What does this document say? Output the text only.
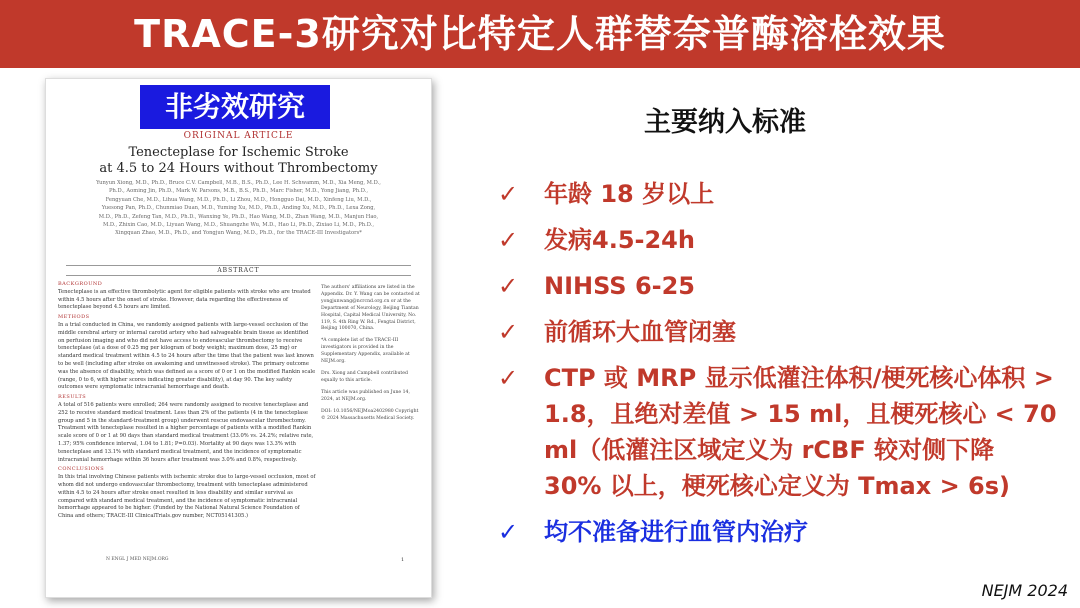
TRACE-3研究对比特定人群替奈普酶溶栓效果
ORIGINAL ARTICLE
Tenecteplase for Ischemic Stroke
at 4.5 to 24 Hours without Thrombectomy
Yunyun Xiong, M.D., Ph.D., Bruce C.V. Campbell, M.B., B.S., Ph.D., Lee H. Schwamm, M.D., Xia Meng, M.D., Ph.D., Aoming Jin, Ph.D., Mark W. Parsons, M.B., B.S., Ph.D., Marc Fisher, M.D., Yong Jiang, Ph.D., Fengyuan Che, M.D., Lihua Wang, M.D., Ph.D., Li Zhou, M.D., Hongguo Dai, M.D., Xinfeng Liu, M.D., Yuesong Pan, Ph.D., Chunmiao Duan, M.D., Yuming Xu, M.D., Ph.D., Anding Xu, M.D., Ph.D., Lexa Zong, M.D., Ph.D., Zefeng Tan, M.D., Ph.D., Wanxing Ye, Ph.D., Hao Wang, M.D., Zhan Wang, M.D., Manjun Hao, M.D., Zhixin Cao, M.D., Liyuan Wang, M.D., Shuangzhe Wu, M.D., Hao Li, Ph.D., Zixiao Li, M.D., Ph.D., Xingquan Zhao, M.D., Ph.D., and Yongjun Wang, M.D., Ph.D., for the TRACE-III Investigators*
ABSTRACT
BACKGROUND
Tenecteplase is an effective thrombolytic agent for eligible patients with stroke who are treated within 4.5 hours after the onset of stroke. However, data regarding the effectiveness of tenecteplase beyond 4.5 hours are limited.
METHODS
In a trial conducted in China, we randomly assigned patients with large-vessel occlusion of the middle cerebral artery or internal carotid artery who had salvageable brain tissue as identified on perfusion imaging and who did not have access to endovascular thrombectomy to receive tenecteplase (at a dose of 0.25 mg per kilogram of body weight; maximum dose, 25 mg) or standard medical treatment within 4.5 to 24 hours after the time that the patient was last known to be well (including after stroke on awakening and unwitnessed stroke). The primary outcome was the absence of disability, which was defined as a score of 0 or 1 on the modified Rankin scale (range, 0 to 6, with higher scores indicating greater disability), at day 90. The key safety outcomes were symptomatic intracranial hemorrhage and death.
RESULTS
A total of 516 patients were enrolled; 264 were randomly assigned to receive tenecteplase and 252 to receive standard medical treatment. Less than 2% of the patients (4 in the tenecteplase group and 5 in the standard-treatment group) underwent rescue endovascular thrombectomy. Treatment with tenecteplase resulted in a higher percentage of patients with a modified Rankin scale score of 0 or 1 at 90 days than standard medical treatment (33.0% vs. 24.2%; relative rate, 1.37; 95% confidence interval, 1.04 to 1.81; P=0.03). Mortality at 90 days was 13.3% with tenecteplase and 13.1% with standard medical treatment, and the incidence of symptomatic intracranial hemorrhage within 36 hours after treatment was 3.0% and 0.8%, respectively.
CONCLUSIONS
In this trial involving Chinese patients with ischemic stroke due to large-vessel occlusion, most of whom did not undergo endovascular thrombectomy, treatment with tenecteplase administered within 4.5 to 24 hours after stroke onset resulted in less disability and similar survival as compared with standard medical treatment, and the incidence of symptomatic intracranial hemorrhage appeared to be higher. (Funded by the National Natural Science Foundation of China and others; TRACE-III ClinicalTrials.gov number, NCT05141305.)

The authors' affiliations are listed in the Appendix. Dr. Y. Wang can be contacted at yongjunwang@ncrcnd.org.cn or at the Department of Neurology, Beijing Tiantan Hospital, Capital Medical University, No. 119, S. 4th Ring W. Rd., Fengtai District, Beijing 100070, China.

*A complete list of the TRACE-III investigators is provided in the Supplementary Appendix, available at NEJM.org.

Drs. Xiong and Campbell contributed equally to this article.

This article was published on June 14, 2024, at NEJM.org.

DOI: 10.1056/NEJMoa2402980 Copyright © 2024 Massachusetts Medical Society.

N ENGL J MED NEJM.ORG	1
非劣效研究	主要纳入标准
✓	年龄 18 岁以上
✓	发病4.5-24h
✓	NIHSS 6-25
✓	前循环大血管闭塞
✓	CTP 或 MRP 显示低灌注体积/梗死核心体积 > 1.8，且绝对差值 > 15 ml，且梗死核心 < 70 ml（低灌注区域定义为 rCBF 较对侧下降 30% 以上，梗死核心定义为 Tmax > 6s)
✓	均不准备进行血管内治疗
NEJM 2024
